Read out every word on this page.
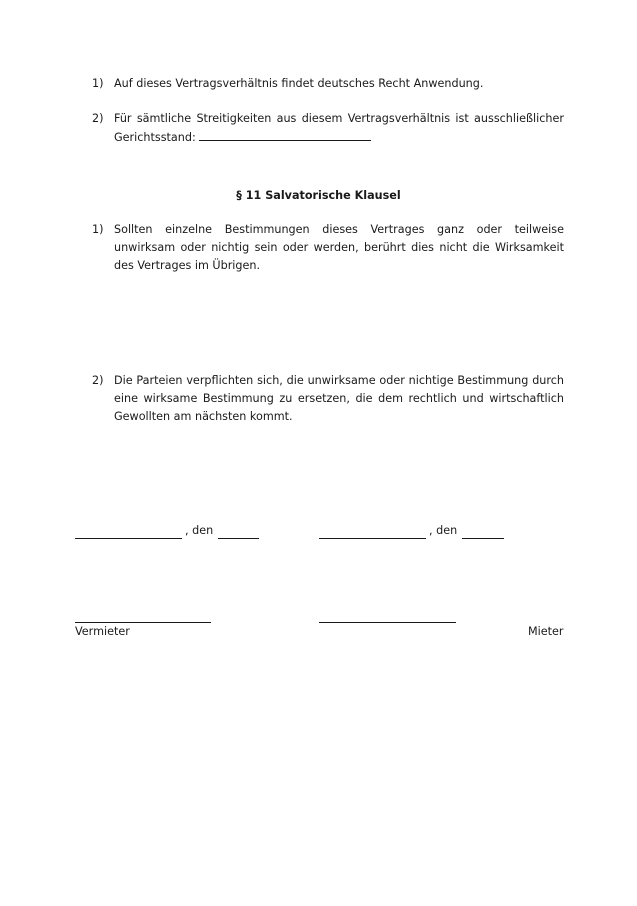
1) Auf dieses Vertragsverhältnis findet deutsches Recht Anwendung.
2) Für sämtliche Streitigkeiten aus diesem Vertragsverhältnis ist ausschließlicher Gerichtsstand:
§ 11 Salvatorische Klausel
1) Sollten einzelne Bestimmungen dieses Vertrages ganz oder teilweise unwirksam oder nichtig sein oder werden, berührt dies nicht die Wirksamkeit des Vertrages im Übrigen.
2) Die Parteien verpflichten sich, die unwirksame oder nichtige Bestimmung durch eine wirksame Bestimmung zu ersetzen, die dem rechtlich und wirtschaftlich Gewollten am nächsten kommt.
, den	, den
Vermieter	Mieter
